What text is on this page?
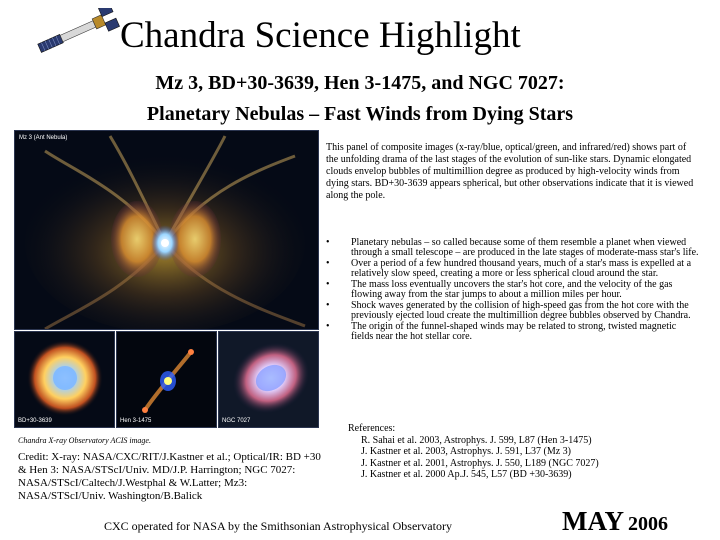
Chandra Science Highlight
Mz 3, BD+30-3639, Hen 3-1475, and NGC 7027:
Planetary Nebulas – Fast Winds from Dying Stars
Mz 3 (Ant Nebula)
BD+30-3639	Hen 3-1475	NGC 7027
This panel of composite images (x-ray/blue, optical/green, and infrared/red) shows part of the unfolding drama of the last stages of the evolution of sun-like stars. Dynamic elongated clouds envelop bubbles of multimillion degree as produced by high-velocity winds from dying stars. BD+30-3639 appears spherical, but other observations indicate that it is viewed along the pole.
• Planetary nebulas – so called because some of them resemble a planet when viewed through a small telescope – are produced in the late stages of moderate-mass star's life.
• Over a period of a few hundred thousand years, much of a star's mass is expelled at a relatively slow speed, creating a more or less spherical cloud around the star.
• The mass loss eventually uncovers the star's hot core, and the velocity of the gas flowing away from the star jumps to about a million miles per hour.
• Shock waves generated by the collision of high-speed gas from the hot core with the previously ejected loud create the multimillion degree bubbles observed by Chandra.
• The origin of the funnel-shaped winds may be related to strong, twisted magnetic fields near the hot stellar core.
Chandra X-ray Observatory ACIS image.
Credit: X-ray: NASA/CXC/RIT/J.Kastner et al.; Optical/IR: BD +30 & Hen 3: NASA/STScI/Univ. MD/J.P. Harrington; NGC 7027: NASA/STScI/Caltech/J.Westphal & W.Latter; Mz3: NASA/STScI/Univ. Washington/B.Balick
References:
R. Sahai et al. 2003, Astrophys. J. 599, L87 (Hen 3-1475)
J. Kastner et al. 2003, Astrophys. J. 591, L37 (Mz 3)
J. Kastner et al. 2001, Astrophys. J. 550, L189 (NGC 7027)
J. Kastner et al. 2000 Ap.J. 545, L57 (BD +30-3639)
CXC operated for NASA by the Smithsonian Astrophysical Observatory	MAY 2006
